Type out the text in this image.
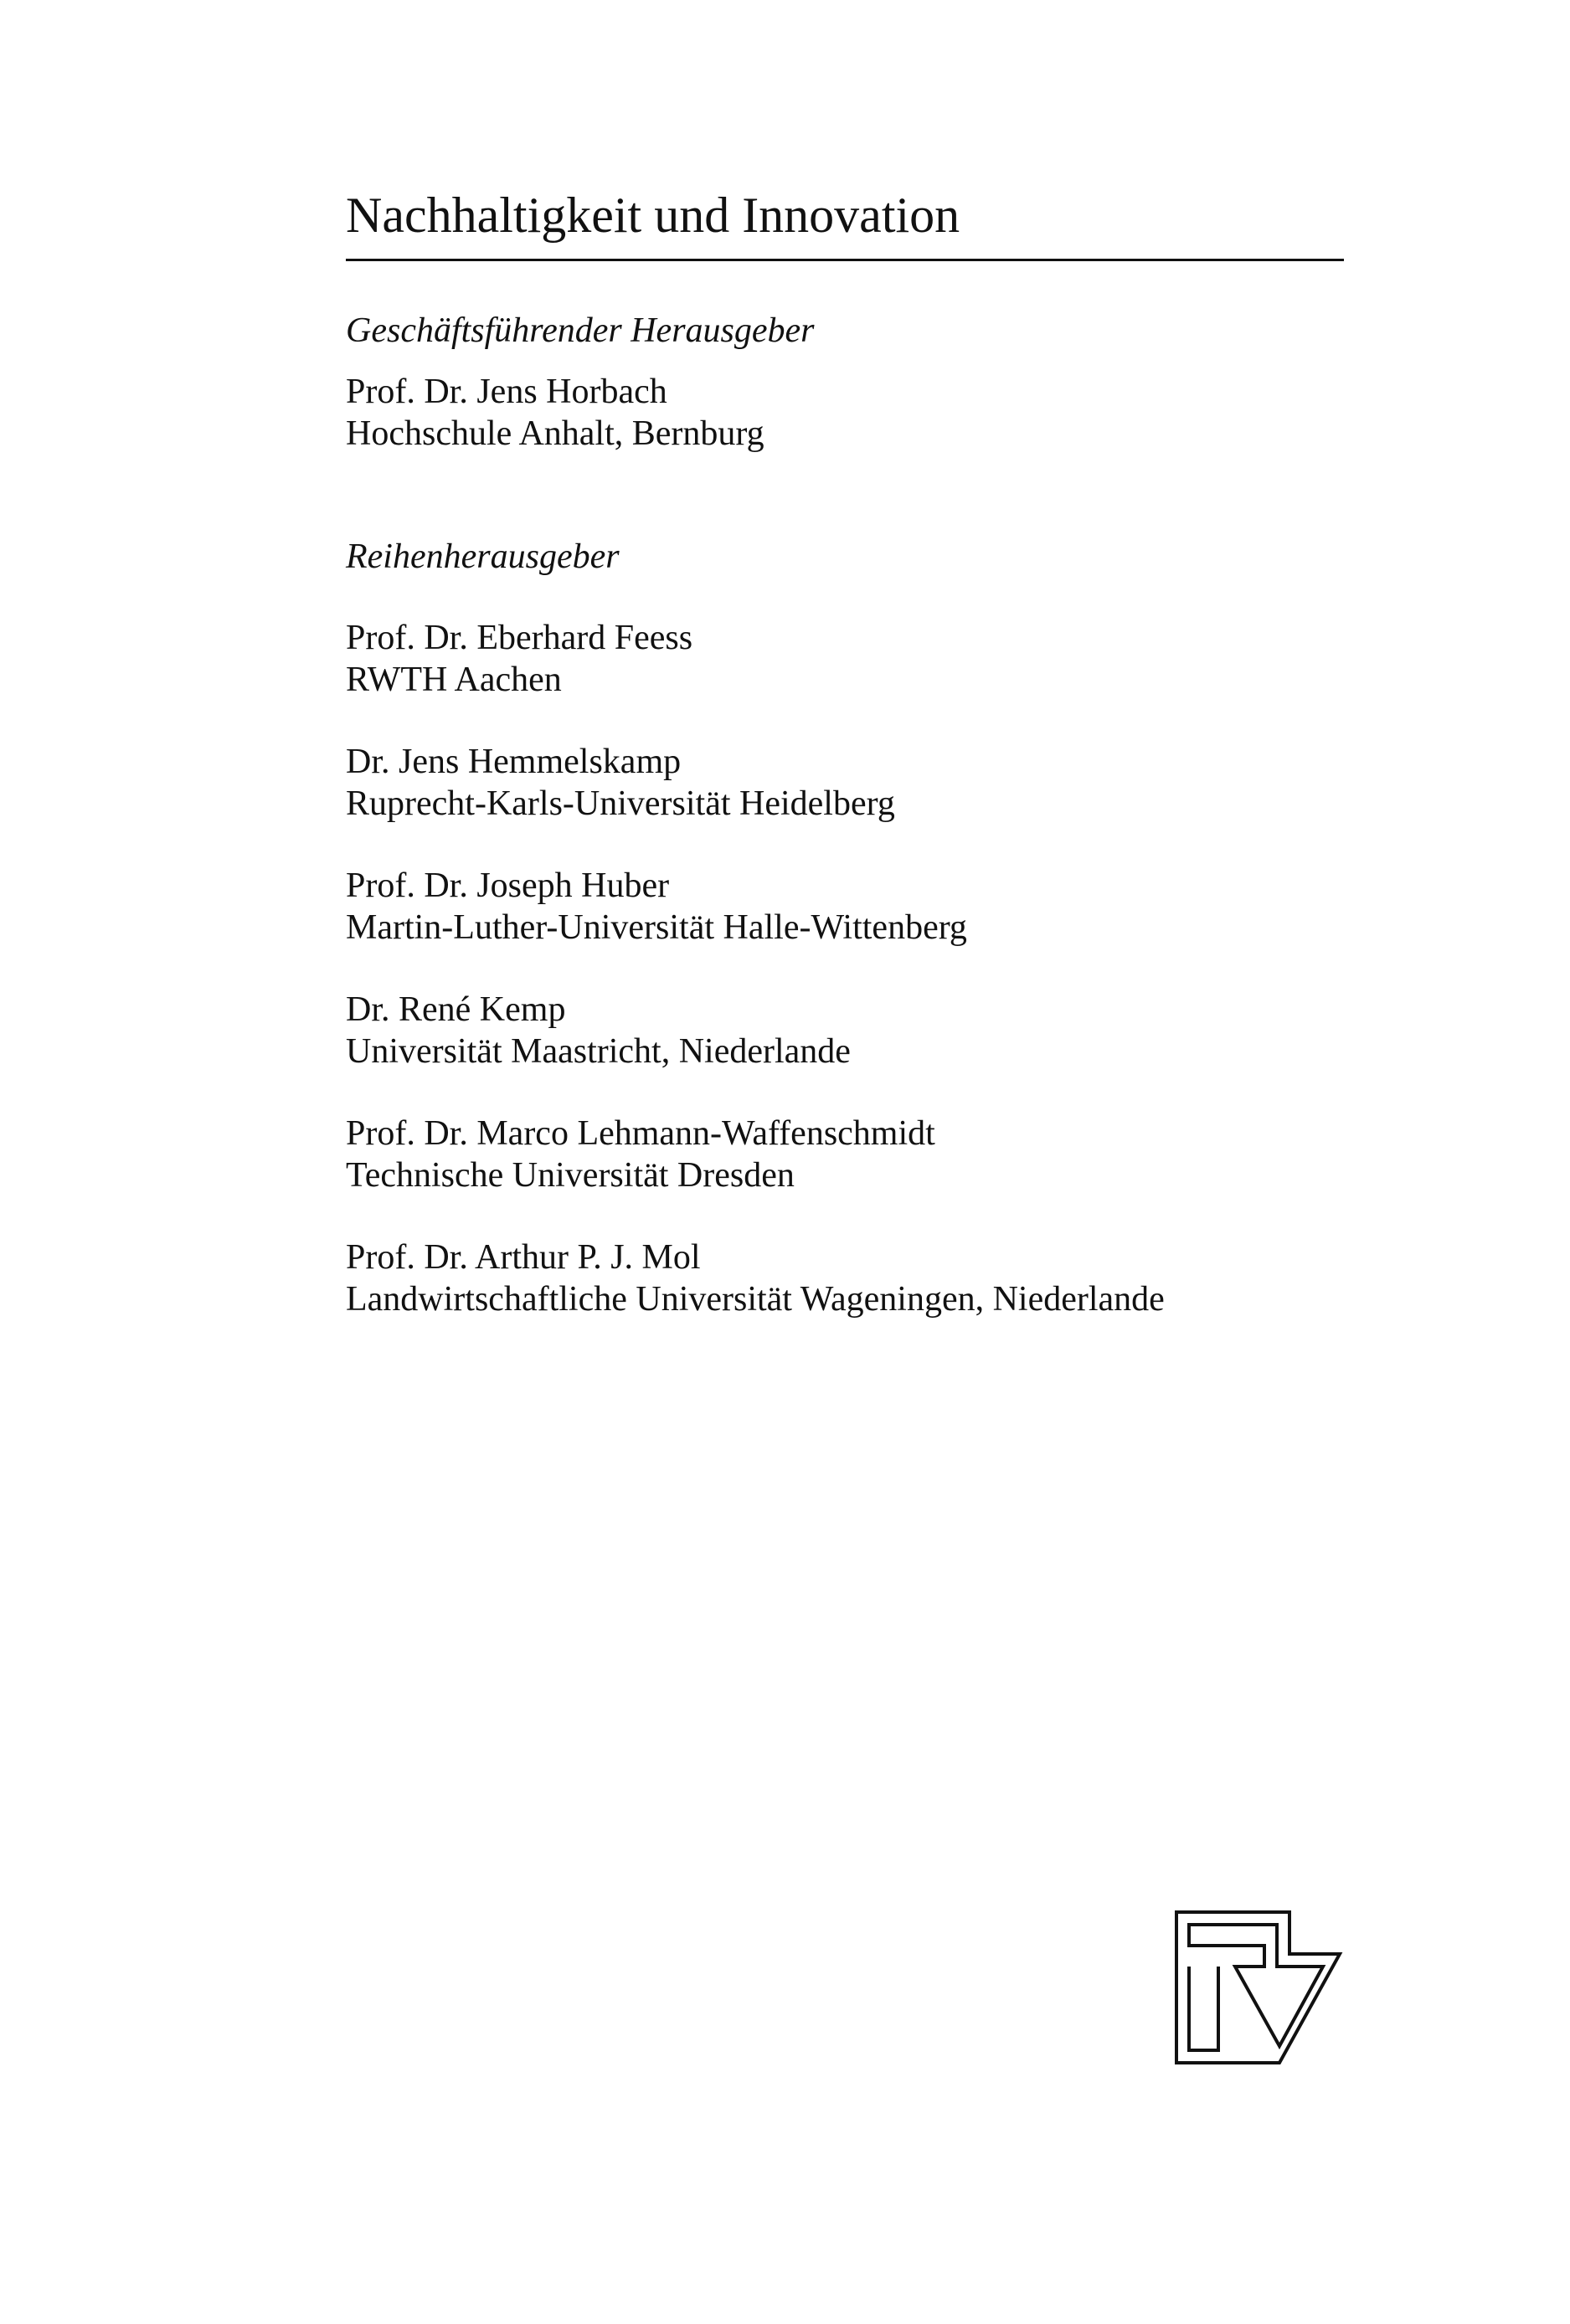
Nachhaltigkeit und Innovation
Geschäftsführender Herausgeber
Prof. Dr. Jens Horbach
Hochschule Anhalt, Bernburg
Reihenherausgeber
Prof. Dr. Eberhard Feess
RWTH Aachen
Dr. Jens Hemmelskamp
Ruprecht-Karls-Universität Heidelberg
Prof. Dr. Joseph Huber
Martin-Luther-Universität Halle-Wittenberg
Dr. René Kemp
Universität Maastricht, Niederlande
Prof. Dr. Marco Lehmann-Waffenschmidt
Technische Universität Dresden
Prof. Dr. Arthur P. J. Mol
Landwirtschaftliche Universität Wageningen, Niederlande
